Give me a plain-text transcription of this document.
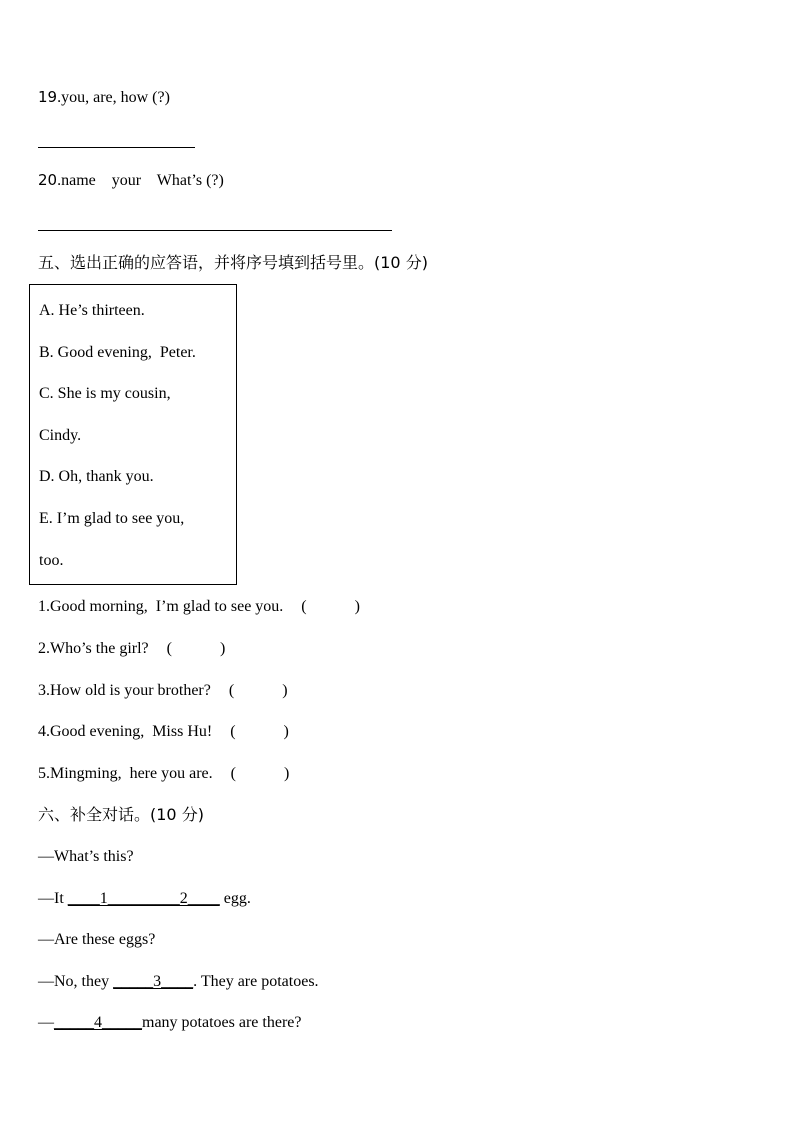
19.you, are, how (?)
20.name    your    What’s (?)
五、选出正确的应答语，并将序号填到括号里。(10 分)
A. He’s thirteen.
B. Good evening,  Peter.
C. She is my cousin,
Cindy.
D. Oh, thank you.
E. I’m glad to see you,
too.
1.Good morning,  I’m glad to see you. (            )
2.Who’s the girl? (            )
3.How old is your brother? (            )
4.Good evening,  Miss Hu! (            )
5.Mingming,  here you are. (            )
六、补全对话。(10 分)
—What’s this?
—It ____1_________2____ egg.
—Are these eggs?
—No, they _____3____. They are potatoes.
—_____4_____many potatoes are there?
